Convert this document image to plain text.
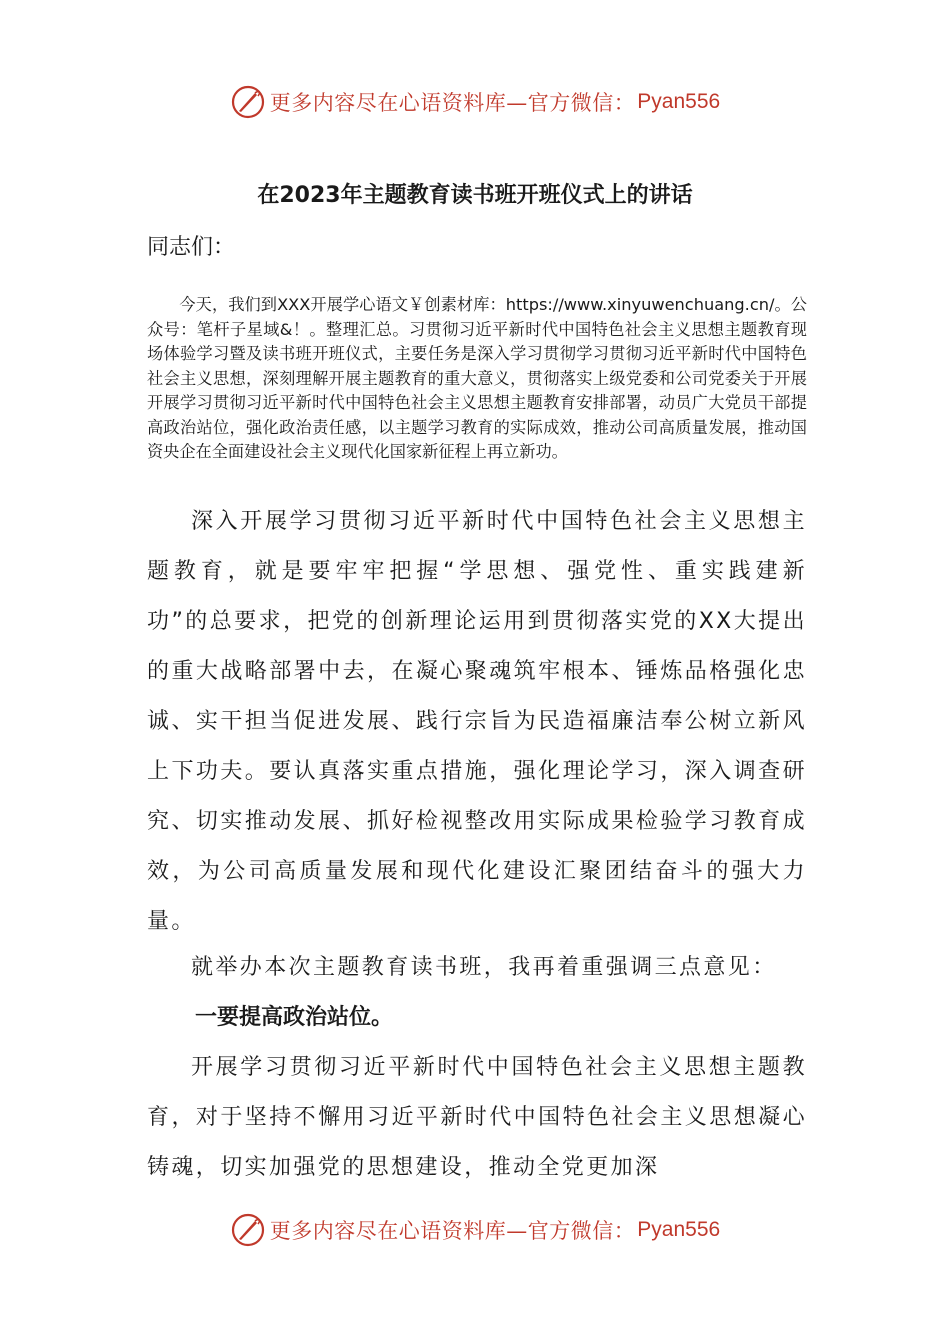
更多内容尽在心语资料库—官方微信： Pyan556
在2023年主题教育读书班开班仪式上的讲话
同志们：
今天，我们到XXX开展学心语文￥创素材库：https://www.xinyuwenchuang.cn/。公众号：笔杆子星域&！。整理汇总。习贯彻习近平新时代中国特色社会主义思想主题教育现场体验学习暨及读书班开班仪式，主要任务是深入学习贯彻学习贯彻习近平新时代中国特色社会主义思想，深刻理解开展主题教育的重大意义，贯彻落实上级党委和公司党委关于开展开展学习贯彻习近平新时代中国特色社会主义思想主题教育安排部署，动员广大党员干部提高政治站位，强化政治责任感，以主题学习教育的实际成效，推动公司高质量发展，推动国资央企在全面建设社会主义现代化国家新征程上再立新功。
深入开展学习贯彻习近平新时代中国特色社会主义思想主题教育，就是要牢牢把握“学思想、强党性、重实践建新功”的总要求，把党的创新理论运用到贯彻落实党的XX大提出的重大战略部署中去，在凝心聚魂筑牢根本、锤炼品格强化忠诚、实干担当促进发展、践行宗旨为民造福廉洁奉公树立新风上下功夫。要认真落实重点措施，强化理论学习，深入调查研究、切实推动发展、抓好检视整改用实际成果检验学习教育成效，为公司高质量发展和现代化建设汇聚团结奋斗的强大力量。
就举办本次主题教育读书班，我再着重强调三点意见：
一要提高政治站位。
开展学习贯彻习近平新时代中国特色社会主义思想主题教育，对于坚持不懈用习近平新时代中国特色社会主义思想凝心铸魂，切实加强党的思想建设，推动全党更加深
更多内容尽在心语资料库—官方微信： Pyan556
